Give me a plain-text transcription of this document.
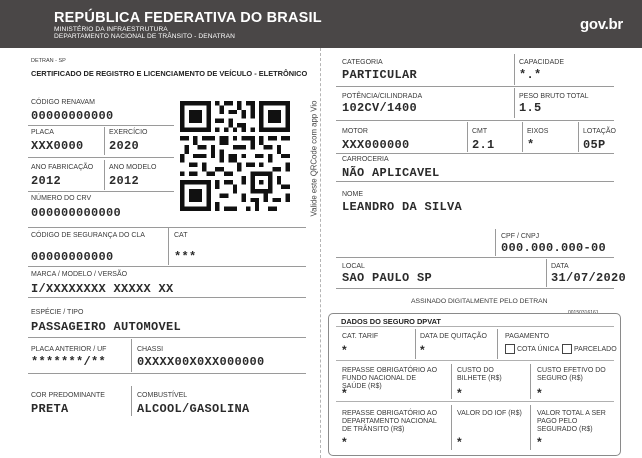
REPÚBLICA FEDERATIVA DO BRASIL
MINISTÉRIO DA INFRAESTRUTURA
DEPARTAMENTO NACIONAL DE TRÂNSITO - DENATRAN
gov.br
DETRAN - SP
CERTIFICADO DE REGISTRO E LICENCIAMENTO DE VEÍCULO - ELETRÔNICO
CÓDIGO RENAVAM
00000000000
PLACA
XXX0000
EXERCÍCIO
2020
ANO FABRICAÇÃO
2012
ANO MODELO
2012
NÚMERO DO CRV
000000000000	Valide este QRCode com app Vio
CÓDIGO DE SEGURANÇA DO CLA
00000000000
CAT
***
MARCA / MODELO / VERSÃO
I/XXXXXXXX XXXXX XX
ESPÉCIE / TIPO
PASSAGEIRO AUTOMOVEL
PLACA ANTERIOR / UF
*******/**
CHASSI
0XXXX00X0XX000000
COR PREDOMINANTE
PRETA
COMBUSTÍVEL
ALCOOL/GASOLINA
CATEGORIA
PARTICULAR
CAPACIDADE
*.*
POTÊNCIA/CILINDRADA
102CV/1400
PESO BRUTO TOTAL
1.5
MOTOR
XXX000000
CMT
2.1
EIXOS
*
LOTAÇÃO
05P
CARROCERIA
NÃO APLICAVEL
NOME
LEANDRO DA SILVA
CPF / CNPJ
000.000.000-00
LOCAL
SAO PAULO SP
DATA
31/07/2020
ASSINADO DIGITALMENTE PELO DETRAN
00150316161
DADOS DO SEGURO DPVAT
CAT. TARIF
*
DATA DE QUITAÇÃO
*
PAGAMENTO
COTA ÚNICA PARCELADO
REPASSE OBRIGATÓRIO AO FUNDO NACIONAL DE SAÚDE (R$)
*
CUSTO DO BILHETE (R$)
*
CUSTO EFETIVO DO SEGURO (R$)
*
REPASSE OBRIGATÓRIO AO DEPARTAMENTO NACIONAL DE TRÂNSITO (R$)
*
VALOR DO IOF (R$)
*
VALOR TOTAL A SER PAGO PELO SEGURADO (R$)
*
